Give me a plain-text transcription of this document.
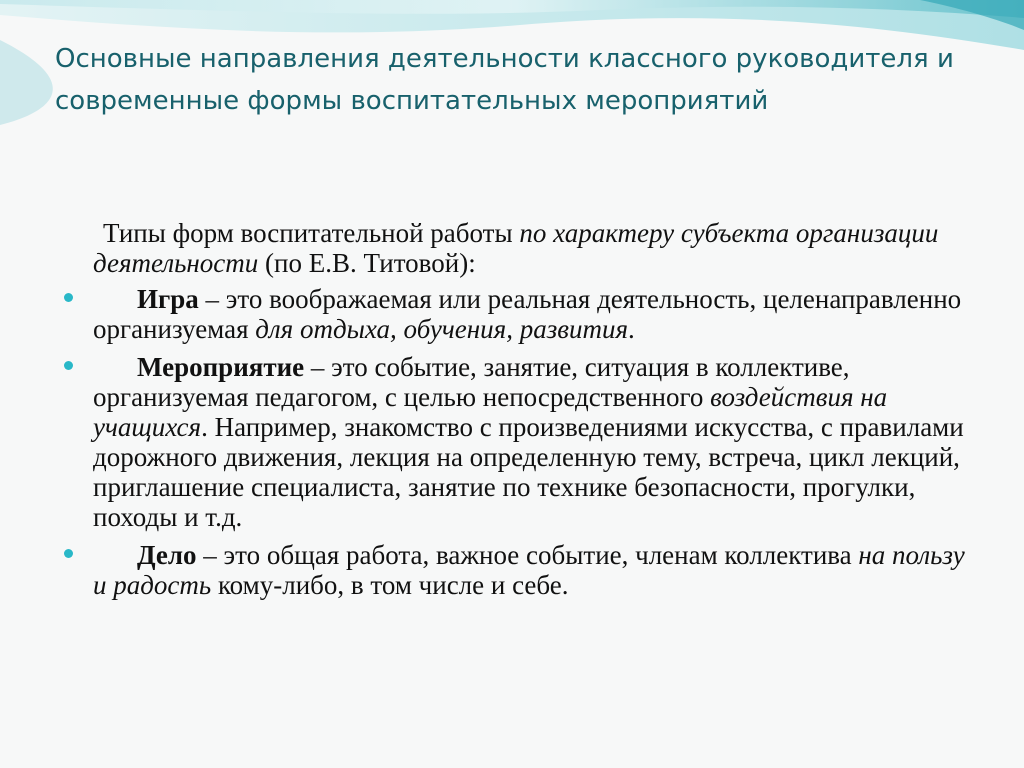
Основные направления деятельности классного руководителя и современные формы воспитательных мероприятий

Типы форм воспитательной работы по характеру субъекта организации деятельности (по Е.В. Титовой):

Игра – это воображаемая или реальная деятельность, целенаправленно организуемая для отдыха, обучения, развития.
Мероприятие – это событие, занятие, ситуация в коллективе, организуемая педагогом, с целью непосредственного воздействия на учащихся. Например, знакомство с произведениями искусства, с правилами дорожного движения, лекция на определенную тему, встреча, цикл лекций, приглашение специалиста, занятие по технике безопасности, прогулки, походы и т.д.
Дело – это общая работа, важное событие, членам коллектива на пользу и радость кому-либо, в том числе и себе.
